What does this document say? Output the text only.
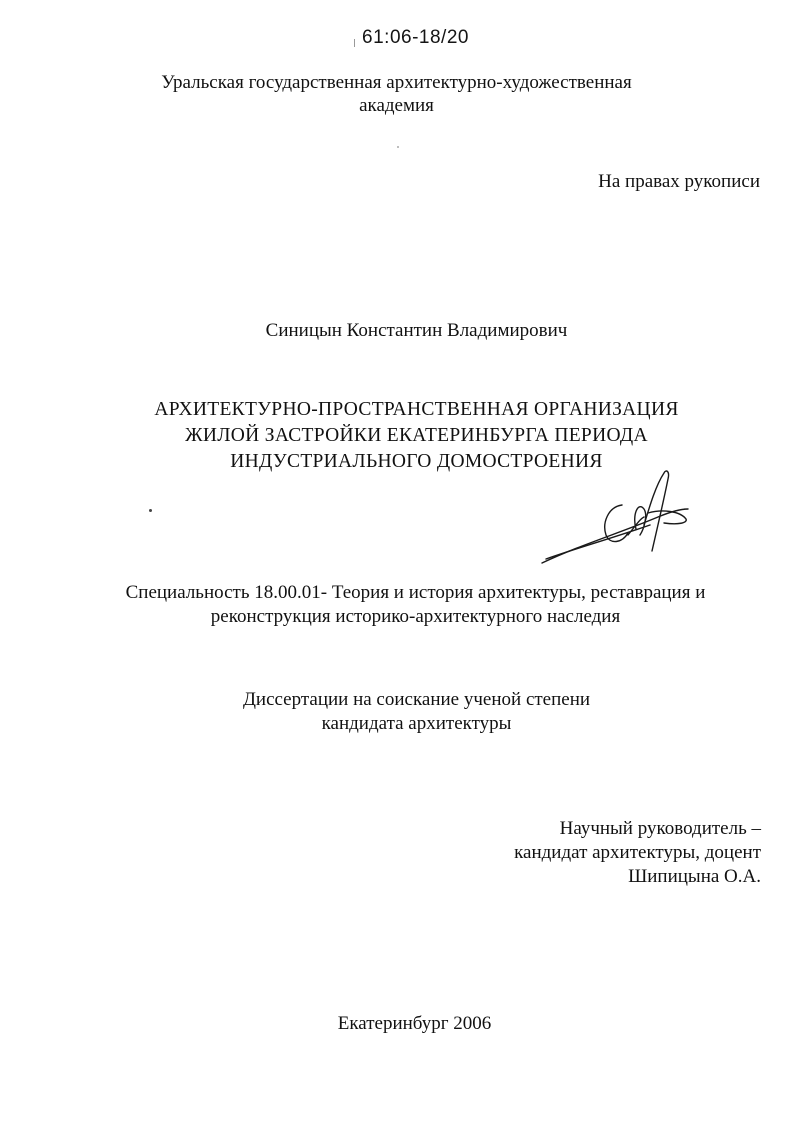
61:06-18/20
Уральская государственная архитектурно-художественная
академия
На правах рукописи
Синицын Константин Владимирович
АРХИТЕКТУРНО-ПРОСТРАНСТВЕННАЯ ОРГАНИЗАЦИЯ
ЖИЛОЙ ЗАСТРОЙКИ ЕКАТЕРИНБУРГА ПЕРИОДА
ИНДУСТРИАЛЬНОГО ДОМОСТРОЕНИЯ
Специальность 18.00.01- Теория и история архитектуры, реставрация и
реконструкция историко-архитектурного наследия
Диссертации на соискание ученой степени
кандидата архитектуры
Научный руководитель –
кандидат архитектуры, доцент
Шипицына О.А.
Екатеринбург 2006
